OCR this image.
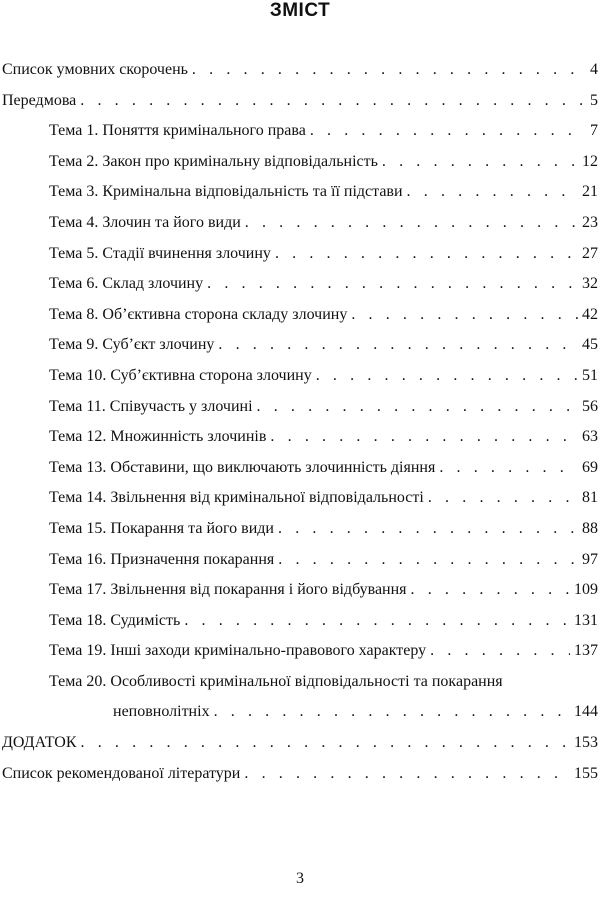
ЗМІСТ
Список умовних скорочень . . .	4
Передмова . . .	5
Тема 1. Поняття кримінального права . . .	7
Тема 2. Закон про кримінальну відповідальність . . .	12
Тема 3. Кримінальна відповідальність та її підстави . . .	21
Тема 4. Злочин та його види . . .	23
Тема 5. Стадії вчинення злочину . . .	27
Тема 6. Склад злочину . . .	32
Тема 8. Об’єктивна сторона складу злочину . . .	42
Тема 9. Суб’єкт злочину . . .	45
Тема 10. Суб’єктивна сторона злочину . . .	51
Тема 11. Співучасть у злочині . . .	56
Тема 12. Множинність злочинів . . .	63
Тема 13. Обставини, що виключають злочинність діяння . . .	69
Тема 14. Звільнення від кримінальної відповідальності . . .	81
Тема 15. Покарання та його види . . .	88
Тема 16. Призначення покарання . . .	97
Тема 17. Звільнення від покарання і його відбування . . .	109
Тема 18. Судимість . . .	131
Тема 19. Інші заходи кримінально-правового характеру . . .	137
Тема 20. Особливості кримінальної відповідальності та покарання
неповнолітніх . . .	144
ДОДАТОК . . .	153
Список рекомендованої літератури . . .	155
3
